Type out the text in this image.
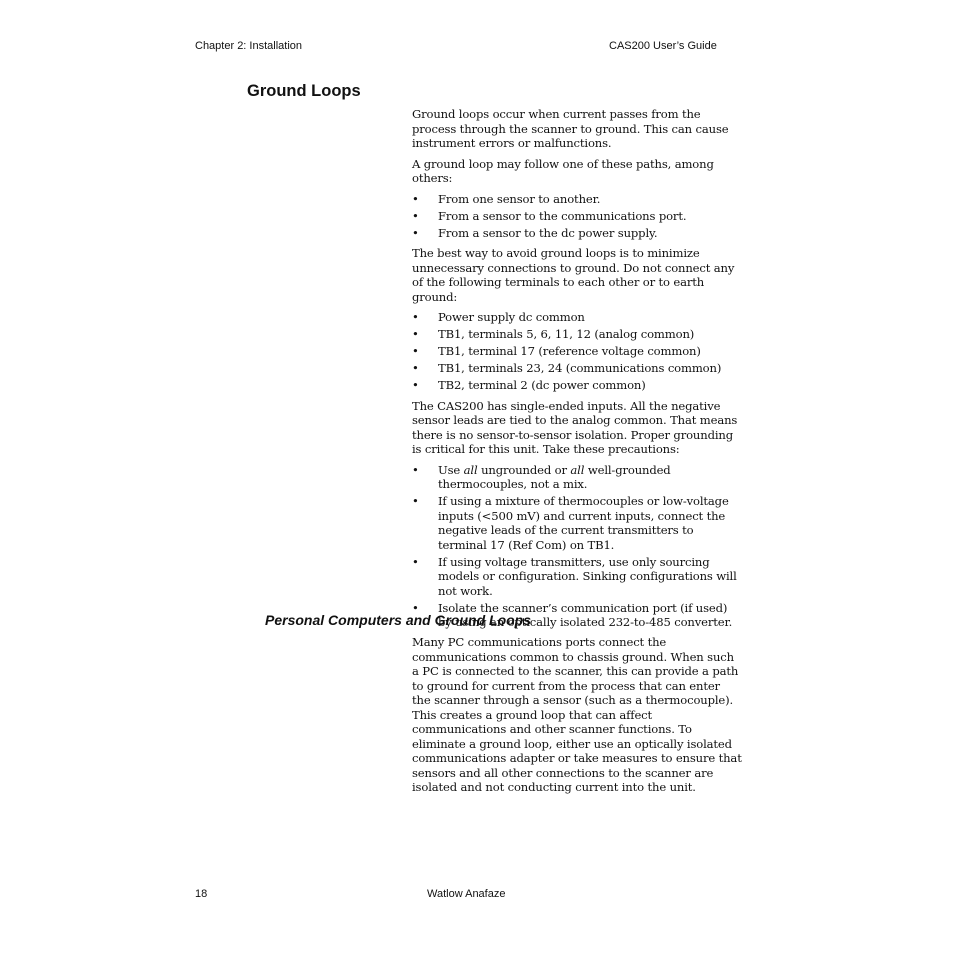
Chapter 2: Installation	CAS200 User’s Guide
Ground Loops

Ground loops occur when current passes from the process through the scanner to ground. This can cause instrument errors or malfunctions.

A ground loop may follow one of these paths, among others:

• From one sensor to another.
• From a sensor to the communications port.
• From a sensor to the dc power supply.

The best way to avoid ground loops is to minimize unnecessary connections to ground. Do not connect any of the following terminals to each other or to earth ground:

• Power supply dc common
• TB1, terminals 5, 6, 11, 12 (analog common)
• TB1, terminal 17 (reference voltage common)
• TB1, terminals 23, 24 (communications common)
• TB2, terminal 2 (dc power common)

The CAS200 has single-ended inputs. All the negative sensor leads are tied to the analog common. That means there is no sensor-to-sensor isolation. Proper grounding is critical for this unit. Take these precautions:

• Use all ungrounded or all well-grounded thermocouples, not a mix.
• If using a mixture of thermocouples or low-voltage inputs (<500 mV) and current inputs, connect the negative leads of the current transmitters to terminal 17 (Ref Com) on TB1.
• If using voltage transmitters, use only sourcing models or configuration. Sinking configurations will not work.
• Isolate the scanner’s communication port (if used) by using an optically isolated 232-to-485 converter.
Personal Computers and Ground Loops

Many PC communications ports connect the communications common to chassis ground. When such a PC is connected to the scanner, this can provide a path to ground for current from the process that can enter the scanner through a sensor (such as a thermocouple). This creates a ground loop that can affect communications and other scanner functions. To eliminate a ground loop, either use an optically isolated communications adapter or take measures to ensure that sensors and all other connections to the scanner are isolated and not conducting current into the unit.

18	Watlow Anafaze
